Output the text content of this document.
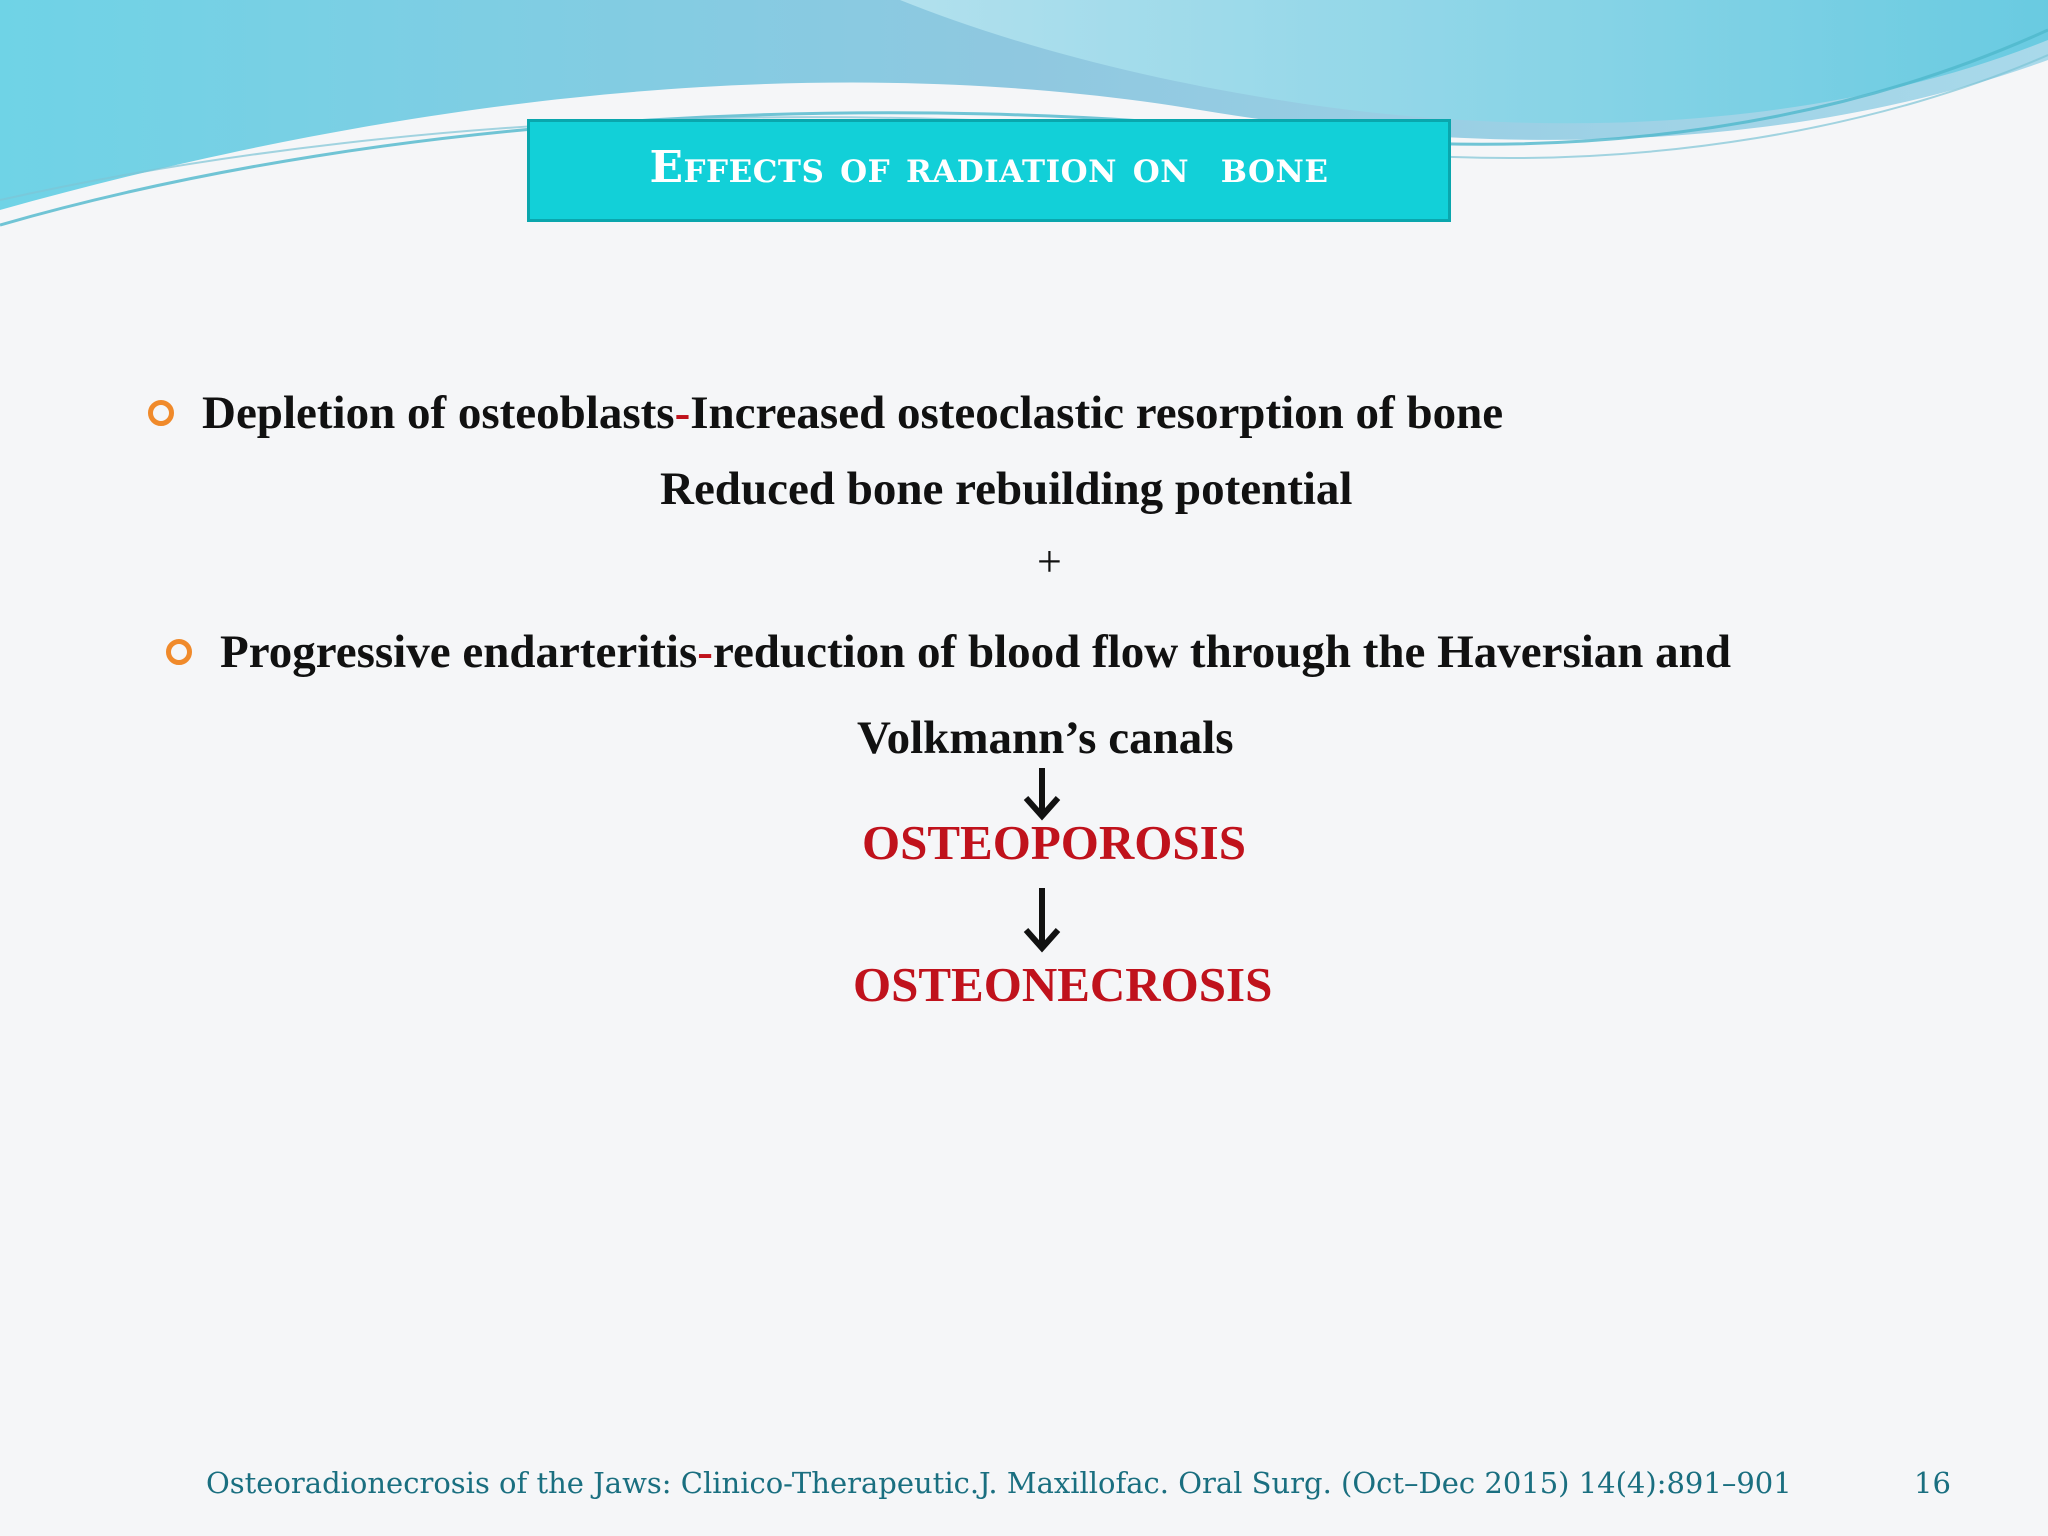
Effects of radiation on  bone
Depletion of osteoblasts - Increased osteoclastic resorption of bone
Reduced bone rebuilding potential
+
Progressive endarteritis - reduction of blood flow through the Haversian and
Volkmann’s canals
OSTEOPOROSIS
OSTEONECROSIS
Osteoradionecrosis of the Jaws: Clinico-Therapeutic.J. Maxillofac. Oral Surg. (Oct–Dec 2015) 14(4):891–901	16
